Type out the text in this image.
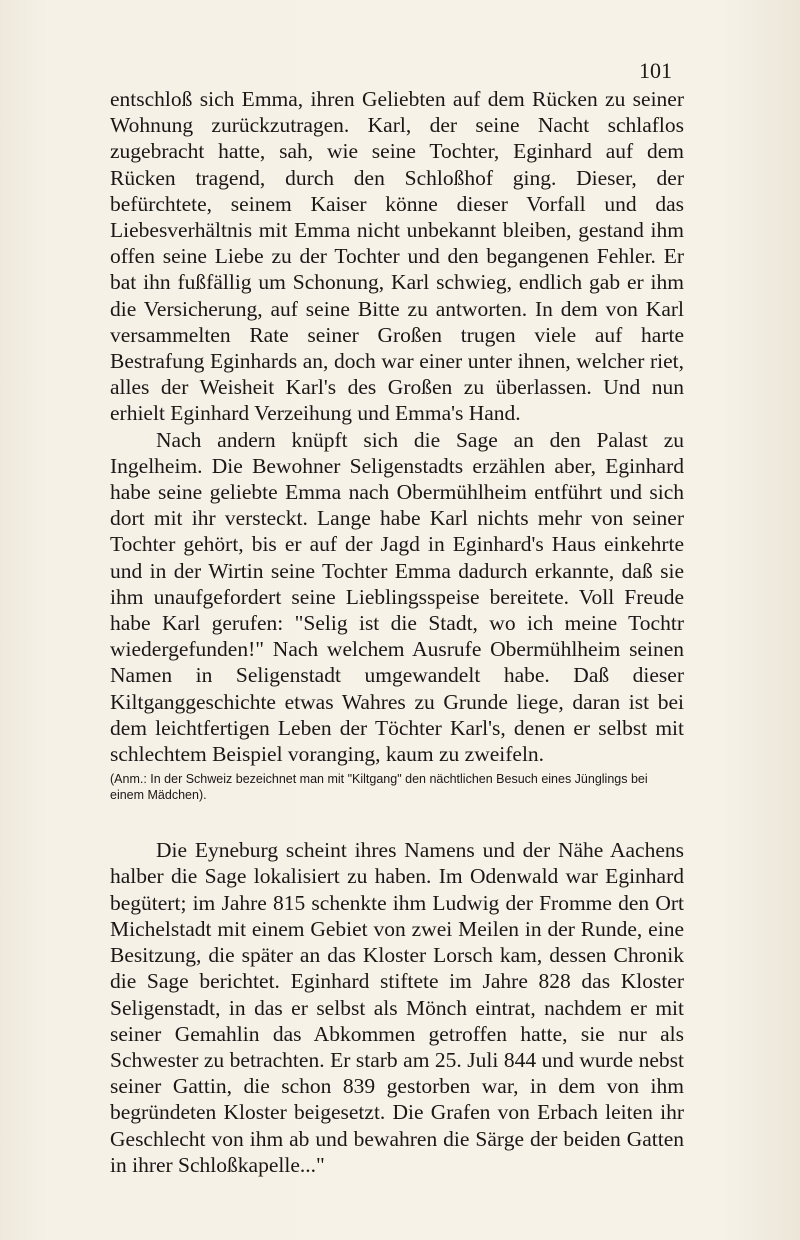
101

entschloß sich Emma, ihren Geliebten auf dem Rücken zu seiner Wohnung zurückzutragen. Karl, der seine Nacht schlaflos zugebracht hatte, sah, wie seine Tochter, Eginhard auf dem Rücken tragend, durch den Schloßhof ging. Dieser, der befürchtete, seinem Kaiser könne dieser Vorfall und das Liebesverhältnis mit Emma nicht unbekannt bleiben, gestand ihm offen seine Liebe zu der Tochter und den begangenen Fehler. Er bat ihn fußfällig um Schonung, Karl schwieg, endlich gab er ihm die Versicherung, auf seine Bitte zu antworten. In dem von Karl versammelten Rate seiner Großen trugen viele auf harte Bestrafung Eginhards an, doch war einer unter ihnen, welcher riet, alles der Weisheit Karl's des Großen zu überlassen. Und nun erhielt Eginhard Verzeihung und Emma's Hand.

Nach andern knüpft sich die Sage an den Palast zu Ingelheim. Die Bewohner Seligenstadts erzählen aber, Eginhard habe seine geliebte Emma nach Obermühlheim entführt und sich dort mit ihr versteckt. Lange habe Karl nichts mehr von seiner Tochter gehört, bis er auf der Jagd in Eginhard's Haus einkehrte und in der Wirtin seine Tochter Emma dadurch erkannte, daß sie ihm unaufgefordert seine Lieblingsspeise bereitete. Voll Freude habe Karl gerufen: "Selig ist die Stadt, wo ich meine Tochtr wiedergefunden!" Nach welchem Ausrufe Obermühlheim seinen Namen in Seligenstadt umgewandelt habe. Daß dieser Kiltganggeschichte etwas Wahres zu Grunde liege, daran ist bei dem leichtfertigen Leben der Töchter Karl's, denen er selbst mit schlechtem Beispiel voranging, kaum zu zweifeln.

(Anm.: In der Schweiz bezeichnet man mit "Kiltgang" den nächtlichen Besuch eines Jünglings bei einem Mädchen).

Die Eyneburg scheint ihres Namens und der Nähe Aachens halber die Sage lokalisiert zu haben. Im Odenwald war Eginhard begütert; im Jahre 815 schenkte ihm Ludwig der Fromme den Ort Michelstadt mit einem Gebiet von zwei Meilen in der Runde, eine Besitzung, die später an das Kloster Lorsch kam, dessen Chronik die Sage berichtet. Eginhard stiftete im Jahre 828 das Kloster Seligenstadt, in das er selbst als Mönch eintrat, nachdem er mit seiner Gemahlin das Abkommen getroffen hatte, sie nur als Schwester zu betrachten. Er starb am 25. Juli 844 und wurde nebst seiner Gattin, die schon 839 gestorben war, in dem von ihm begründeten Kloster beigesetzt. Die Grafen von Erbach leiten ihr Geschlecht von ihm ab und bewahren die Särge der beiden Gatten in ihrer Schloßkapelle..."
